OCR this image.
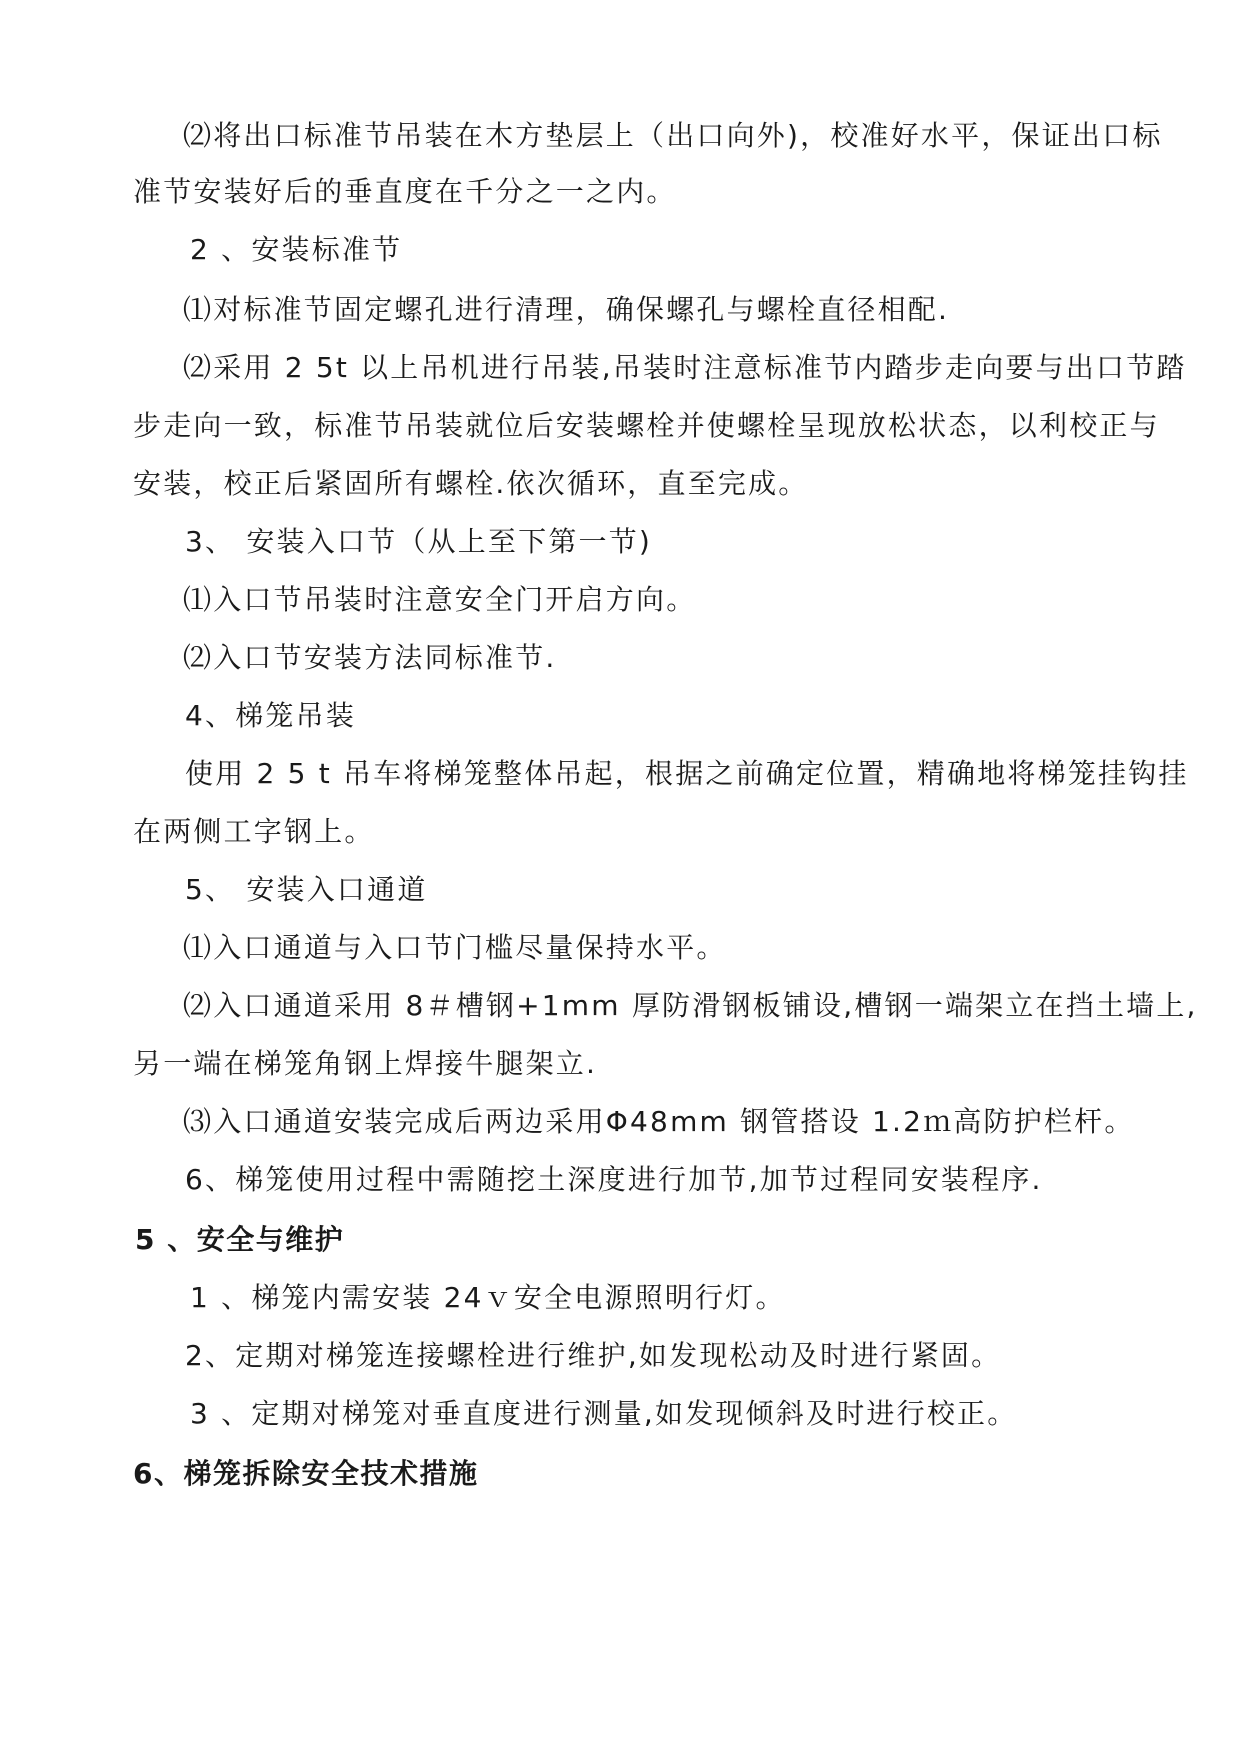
⑵将出口标准节吊装在木方垫层上（出口向外)，校准好水平，保证出口标
准节安装好后的垂直度在千分之一之内。
2 、安装标准节
⑴对标准节固定螺孔进行清理，确保螺孔与螺栓直径相配.
⑵采用 2 5t 以上吊机进行吊装,吊装时注意标准节内踏步走向要与出口节踏
步走向一致，标准节吊装就位后安装螺栓并使螺栓呈现放松状态，以利校正与
安装，校正后紧固所有螺栓.依次循环，直至完成。
3、 安装入口节（从上至下第一节)
⑴入口节吊装时注意安全门开启方向。
⑵入口节安装方法同标准节.
4、梯笼吊装
使用 2 5 t 吊车将梯笼整体吊起，根据之前确定位置，精确地将梯笼挂钩挂
在两侧工字钢上。
5、 安装入口通道
⑴入口通道与入口节门槛尽量保持水平。
⑵入口通道采用 8＃槽钢+1mm 厚防滑钢板铺设,槽钢一端架立在挡土墙上,
另一端在梯笼角钢上焊接牛腿架立.
⑶入口通道安装完成后两边采用Φ48mm 钢管搭设 1.2ｍ高防护栏杆。
6、梯笼使用过程中需随挖土深度进行加节,加节过程同安装程序.
5 、安全与维护
1 、梯笼内需安装 24ｖ安全电源照明行灯。
2、定期对梯笼连接螺栓进行维护,如发现松动及时进行紧固。
3 、定期对梯笼对垂直度进行测量,如发现倾斜及时进行校正。
6、梯笼拆除安全技术措施
